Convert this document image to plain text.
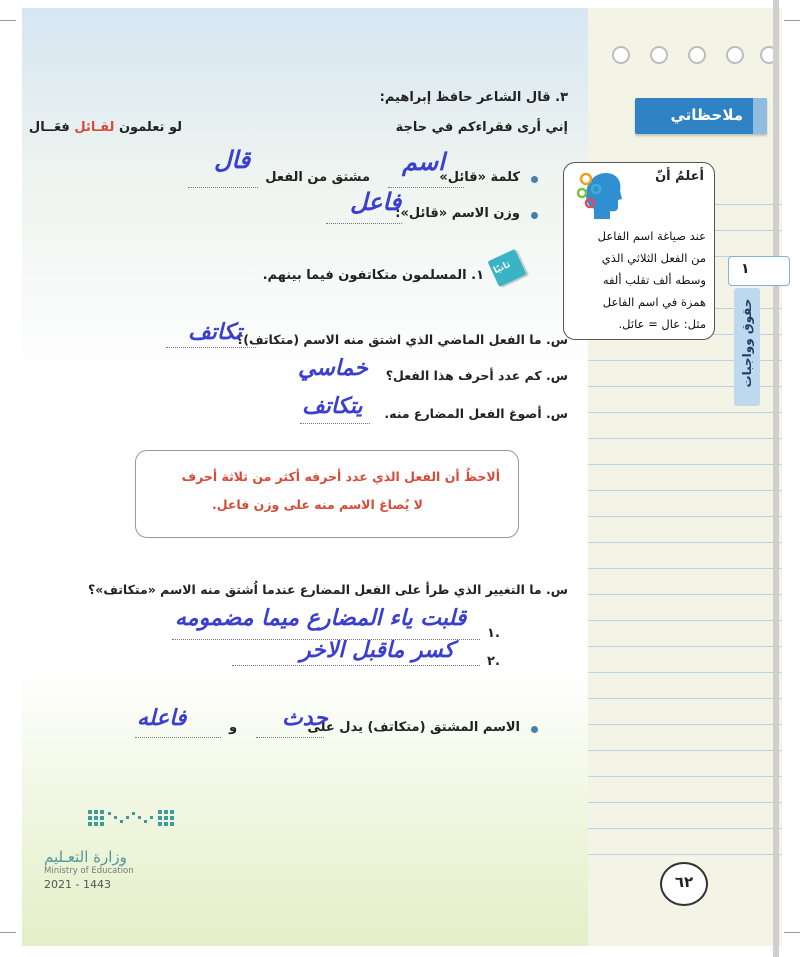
ملاحظاتي
أعلمُ أنّ
عند صياغة اسم الفاعل
من الفعل الثلاثي الذي
وسطه ألف تقلب ألفه
همزة في اسم الفاعل
مثل: عال = عائل.
١
حقوق وواجبات
٣. قال الشاعر حافظ إبراهيم:
إني أرى فقراءكم في حاجة
لو تعلمون لقـائل فعَــال
كلمة «قائل»
اسم
مشتق من الفعل
قال
وزن الاسم «قائل»:
فاعل
ثانيًا
١. المسلمون متكاتفون فيما بينهم.
س. ما الفعل الماضي الذي اشتق منه الاسم (متكاتف)؟
تكاتف
س. كم عدد أحرف هذا الفعل؟
خماسي
س. أصوغ الفعل المضارع منه.
يتكاتف
ألاحظُ أن الفعل الذي عدد أحرفه أكثر من ثلاثة أحرف
لا يُصاغ الاسم منه على وزن فاعل.
س. ما التغيير الذي طرأ على الفعل المضارع عندما اُشتق منه الاسم «متكاتف»؟
١.
قلبت ياء المضارع ميما مضمومه
٢.
كسر ماقبل الاخر
الاسم المشتق (متكاتف) يدل على
حدث
و
فاعله
وزارة التعـليم
Ministry of Education
2021 - 1443	٦٢
